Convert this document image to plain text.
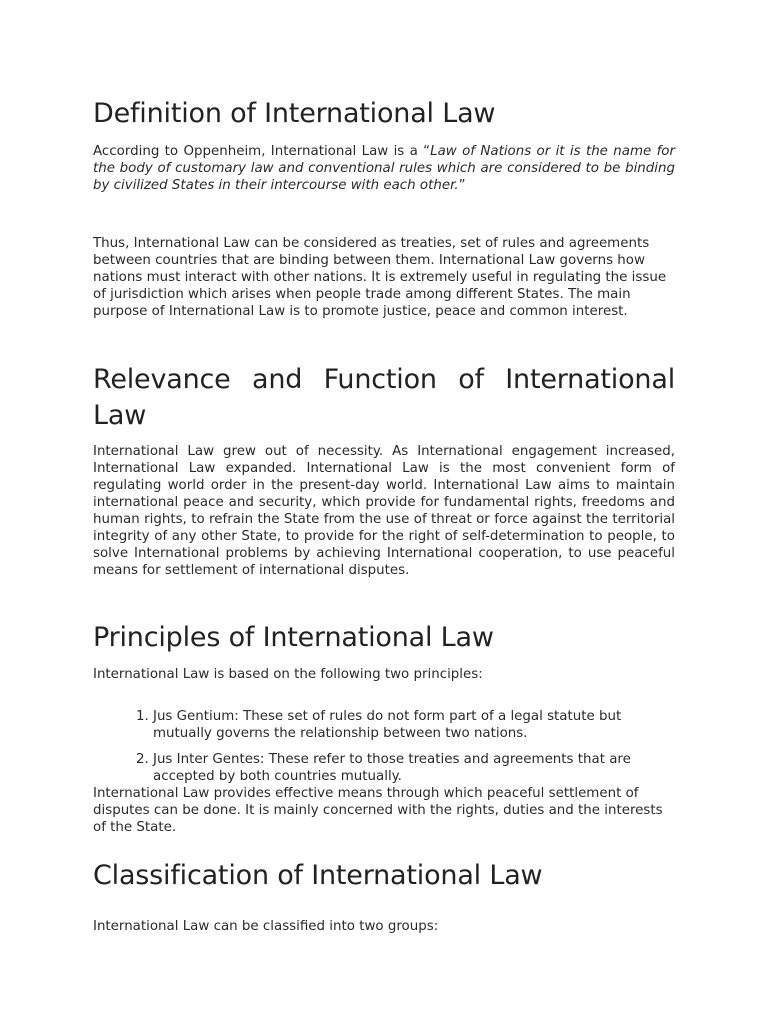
Definition of International Law

According to Oppenheim, International Law is a “Law of Nations or it is the name for the body of customary law and conventional rules which are considered to be binding by civilized States in their intercourse with each other.”

Thus, International Law can be considered as treaties, set of rules and agreements between countries that are binding between them. International Law governs how nations must interact with other nations. It is extremely useful in regulating the issue of jurisdiction which arises when people trade among different States. The main purpose of International Law is to promote justice, peace and common interest.

Relevance and Function of International Law

International Law grew out of necessity. As International engagement increased, International Law expanded. International Law is the most convenient form of regulating world order in the present-day world. International Law aims to maintain international peace and security, which provide for fundamental rights, freedoms and human rights, to refrain the State from the use of threat or force against the territorial integrity of any other State, to provide for the right of self-determination to people, to solve International problems by achieving International cooperation, to use peaceful means for settlement of international disputes.

Principles of International Law

International Law is based on the following two principles:

1. Jus Gentium: These set of rules do not form part of a legal statute but mutually governs the relationship between two nations.
2. Jus Inter Gentes: These refer to those treaties and agreements that are accepted by both countries mutually.

International Law provides effective means through which peaceful settlement of disputes can be done. It is mainly concerned with the rights, duties and the interests of the State.

Classification of International Law

International Law can be classified into two groups:
